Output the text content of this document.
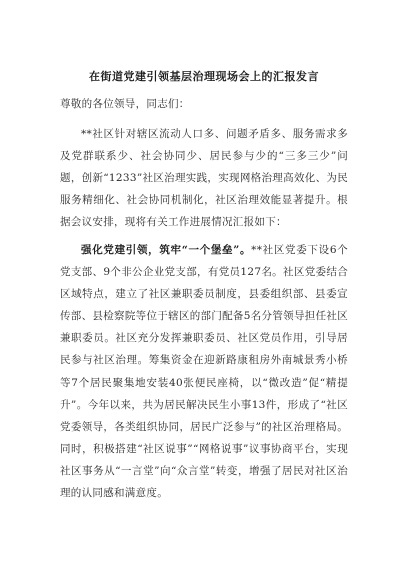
在街道党建引领基层治理现场会上的汇报发言
尊敬的各位领导，同志们：

**社区针对辖区流动人口多、问题矛盾多、服务需求多及党群联系少、社会协同少、居民参与少的“三多三少”问题，创新“1233”社区治理实践，实现网格治理高效化、为民服务精细化、社会协同机制化，社区治理效能显著提升。根据会议安排，现将有关工作进展情况汇报如下：

强化党建引领，筑牢“一个堡垒”。**社区党委下设6个党支部、9个非公企业党支部，有党员127名。社区党委结合区域特点，建立了社区兼职委员制度，县委组织部、县委宣传部、县检察院等位于辖区的部门配备5名分管领导担任社区兼职委员。社区充分发挥兼职委员、社区党员作用，引导居民参与社区治理。筹集资金在迎新路康租房外南城景秀小桥等7个居民聚集地安装40张便民座椅，以“微改造”促“精提升”。今年以来，共为居民解决民生小事13件，形成了“社区党委领导，各类组织协同，居民广泛参与”的社区治理格局。同时，积极搭建“社区说事”“网格说事”议事协商平台，实现社区事务从“一言堂”向“众言堂”转变，增强了居民对社区治理的认同感和满意度。
